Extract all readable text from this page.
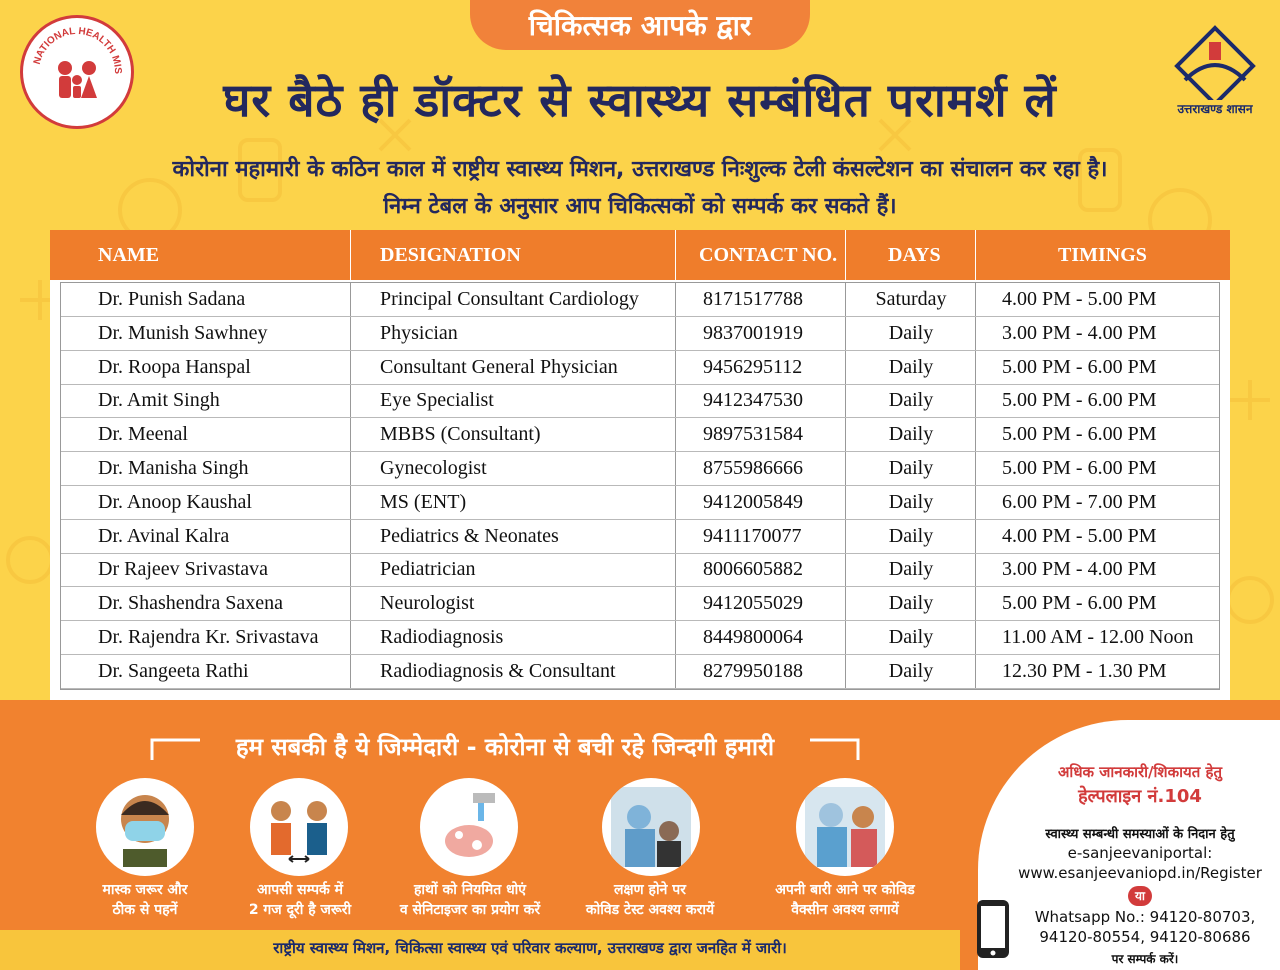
चिकित्सक आपके द्वार
NATIONAL HEALTH MIS
उत्तराखण्ड शासन
घर बैठे ही डॉक्टर से स्वास्थ्य सम्बंधित परामर्श लें
कोरोना महामारी के कठिन काल में राष्ट्रीय स्वास्थ्य मिशन, उत्तराखण्ड निःशुल्क टेली कंसल्टेशन का संचालन कर रहा है।
निम्न टेबल के अनुसार आप चिकित्सकों को सम्पर्क कर सकते हैं।
NAME	DESIGNATION	CONTACT NO.	DAYS	TIMINGS
Dr. Punish Sadana	Principal Consultant Cardiology	8171517788	Saturday	4.00 PM - 5.00 PM
Dr. Munish Sawhney	Physician	9837001919	Daily	3.00 PM - 4.00 PM
Dr. Roopa Hanspal	Consultant General Physician	9456295112	Daily	5.00 PM - 6.00 PM
Dr. Amit Singh	Eye Specialist	9412347530	Daily	5.00 PM - 6.00 PM
Dr. Meenal	MBBS (Consultant)	9897531584	Daily	5.00 PM - 6.00 PM
Dr. Manisha Singh	Gynecologist	8755986666	Daily	5.00 PM - 6.00 PM
Dr. Anoop Kaushal	MS (ENT)	9412005849	Daily	6.00 PM - 7.00 PM
Dr. Avinal Kalra	Pediatrics & Neonates	9411170077	Daily	4.00 PM - 5.00 PM
Dr Rajeev Srivastava	Pediatrician	8006605882	Daily	3.00 PM - 4.00 PM
Dr. Shashendra Saxena	Neurologist	9412055029	Daily	5.00 PM - 6.00 PM
Dr. Rajendra Kr. Srivastava	Radiodiagnosis	8449800064	Daily	11.00 AM - 12.00 Noon
Dr. Sangeeta Rathi	Radiodiagnosis & Consultant	8279950188	Daily	12.30 PM - 1.30 PM
हम सबकी है ये जिम्मेदारी - कोरोना से बची रहे जिन्दगी हमारी
मास्क जरूर और
ठीक से पहनें
आपसी सम्पर्क में
2 गज दूरी है जरूरी
हाथों को नियमित धोएं
व सेनिटाइजर का प्रयोग करें
लक्षण होने पर
कोविड टेस्ट अवश्य करायें
अपनी बारी आने पर कोविड
वैक्सीन अवश्य लगायें
राष्ट्रीय स्वास्थ्य मिशन, चिकित्सा स्वास्थ्य एवं परिवार कल्याण, उत्तराखण्ड द्वारा जनहित में जारी।
अधिक जानकारी/शिकायत हेतु
हेल्पलाइन नं.104
स्वास्थ्य सम्बन्धी समस्याओं के निदान हेतु
e-sanjeevaniportal:
www.esanjeevaniopd.in/Register
या
Whatsapp No.: 94120-80703,
94120-80554, 94120-80686
पर सम्पर्क करें।
